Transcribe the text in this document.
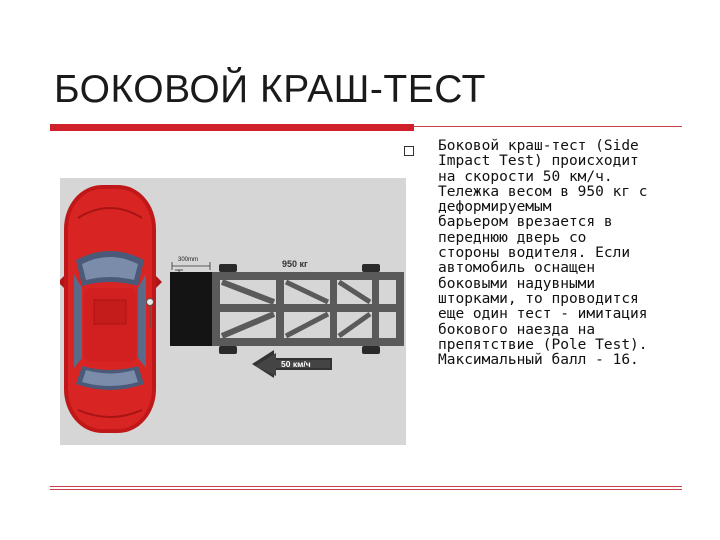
БОКОВОЙ КРАШ-ТЕСТ
Боковой краш-тест (Side
Impact Test) происходит
на скорости 50 км/ч.
Тележка весом в 950 кг с
деформируемым
барьером врезается в
переднюю дверь со
стороны водителя. Если
автомобиль оснащен
боковыми надувными
шторками, то проводится
еще один тест - имитация
бокового наезда на
препятствие (Pole Test).
Максимальный балл - 16.
300mm	950 кг
50 км/ч
